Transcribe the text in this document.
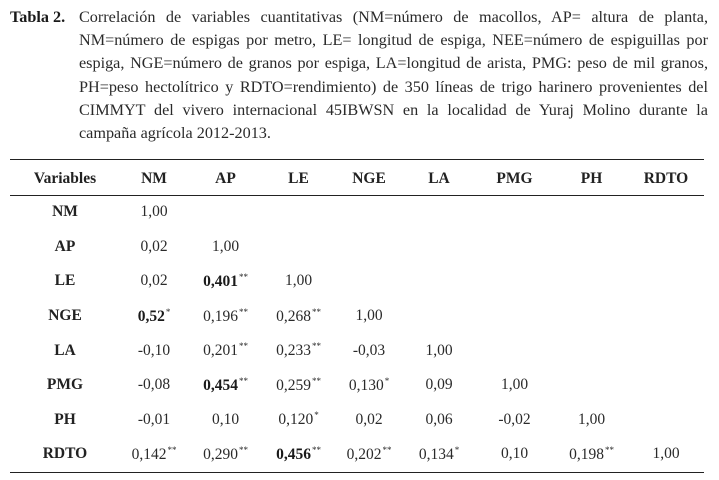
Tabla 2. Correlación de variables cuantitativas (NM=número de macollos, AP= altura de planta, NM=número de espigas por metro, LE= longitud de espiga, NEE=número de espiguillas por espiga, NGE=número de granos por espiga, LA=longitud de arista, PMG: peso de mil granos, PH=peso hectolítrico y RDTO=rendimiento) de 350 líneas de trigo harinero provenientes del CIMMYT del vivero internacional 45IBWSN en la localidad de Yuraj Molino durante la campaña agrícola 2012-2013.
Variables	NM	AP	LE	NGE	LA	PMG	PH	RDTO
NM	1,00							
AP	0,02	1,00						
LE	0,02	0,401**	1,00					
NGE	0,52*	0,196**	0,268**	1,00				
LA	-0,10	0,201**	0,233**	-0,03	1,00			
PMG	-0,08	0,454**	0,259**	0,130*	0,09	1,00		
PH	-0,01	0,10	0,120*	0,02	0,06	-0,02	1,00	
RDTO	0,142**	0,290**	0,456**	0,202**	0,134*	0,10	0,198**	1,00
